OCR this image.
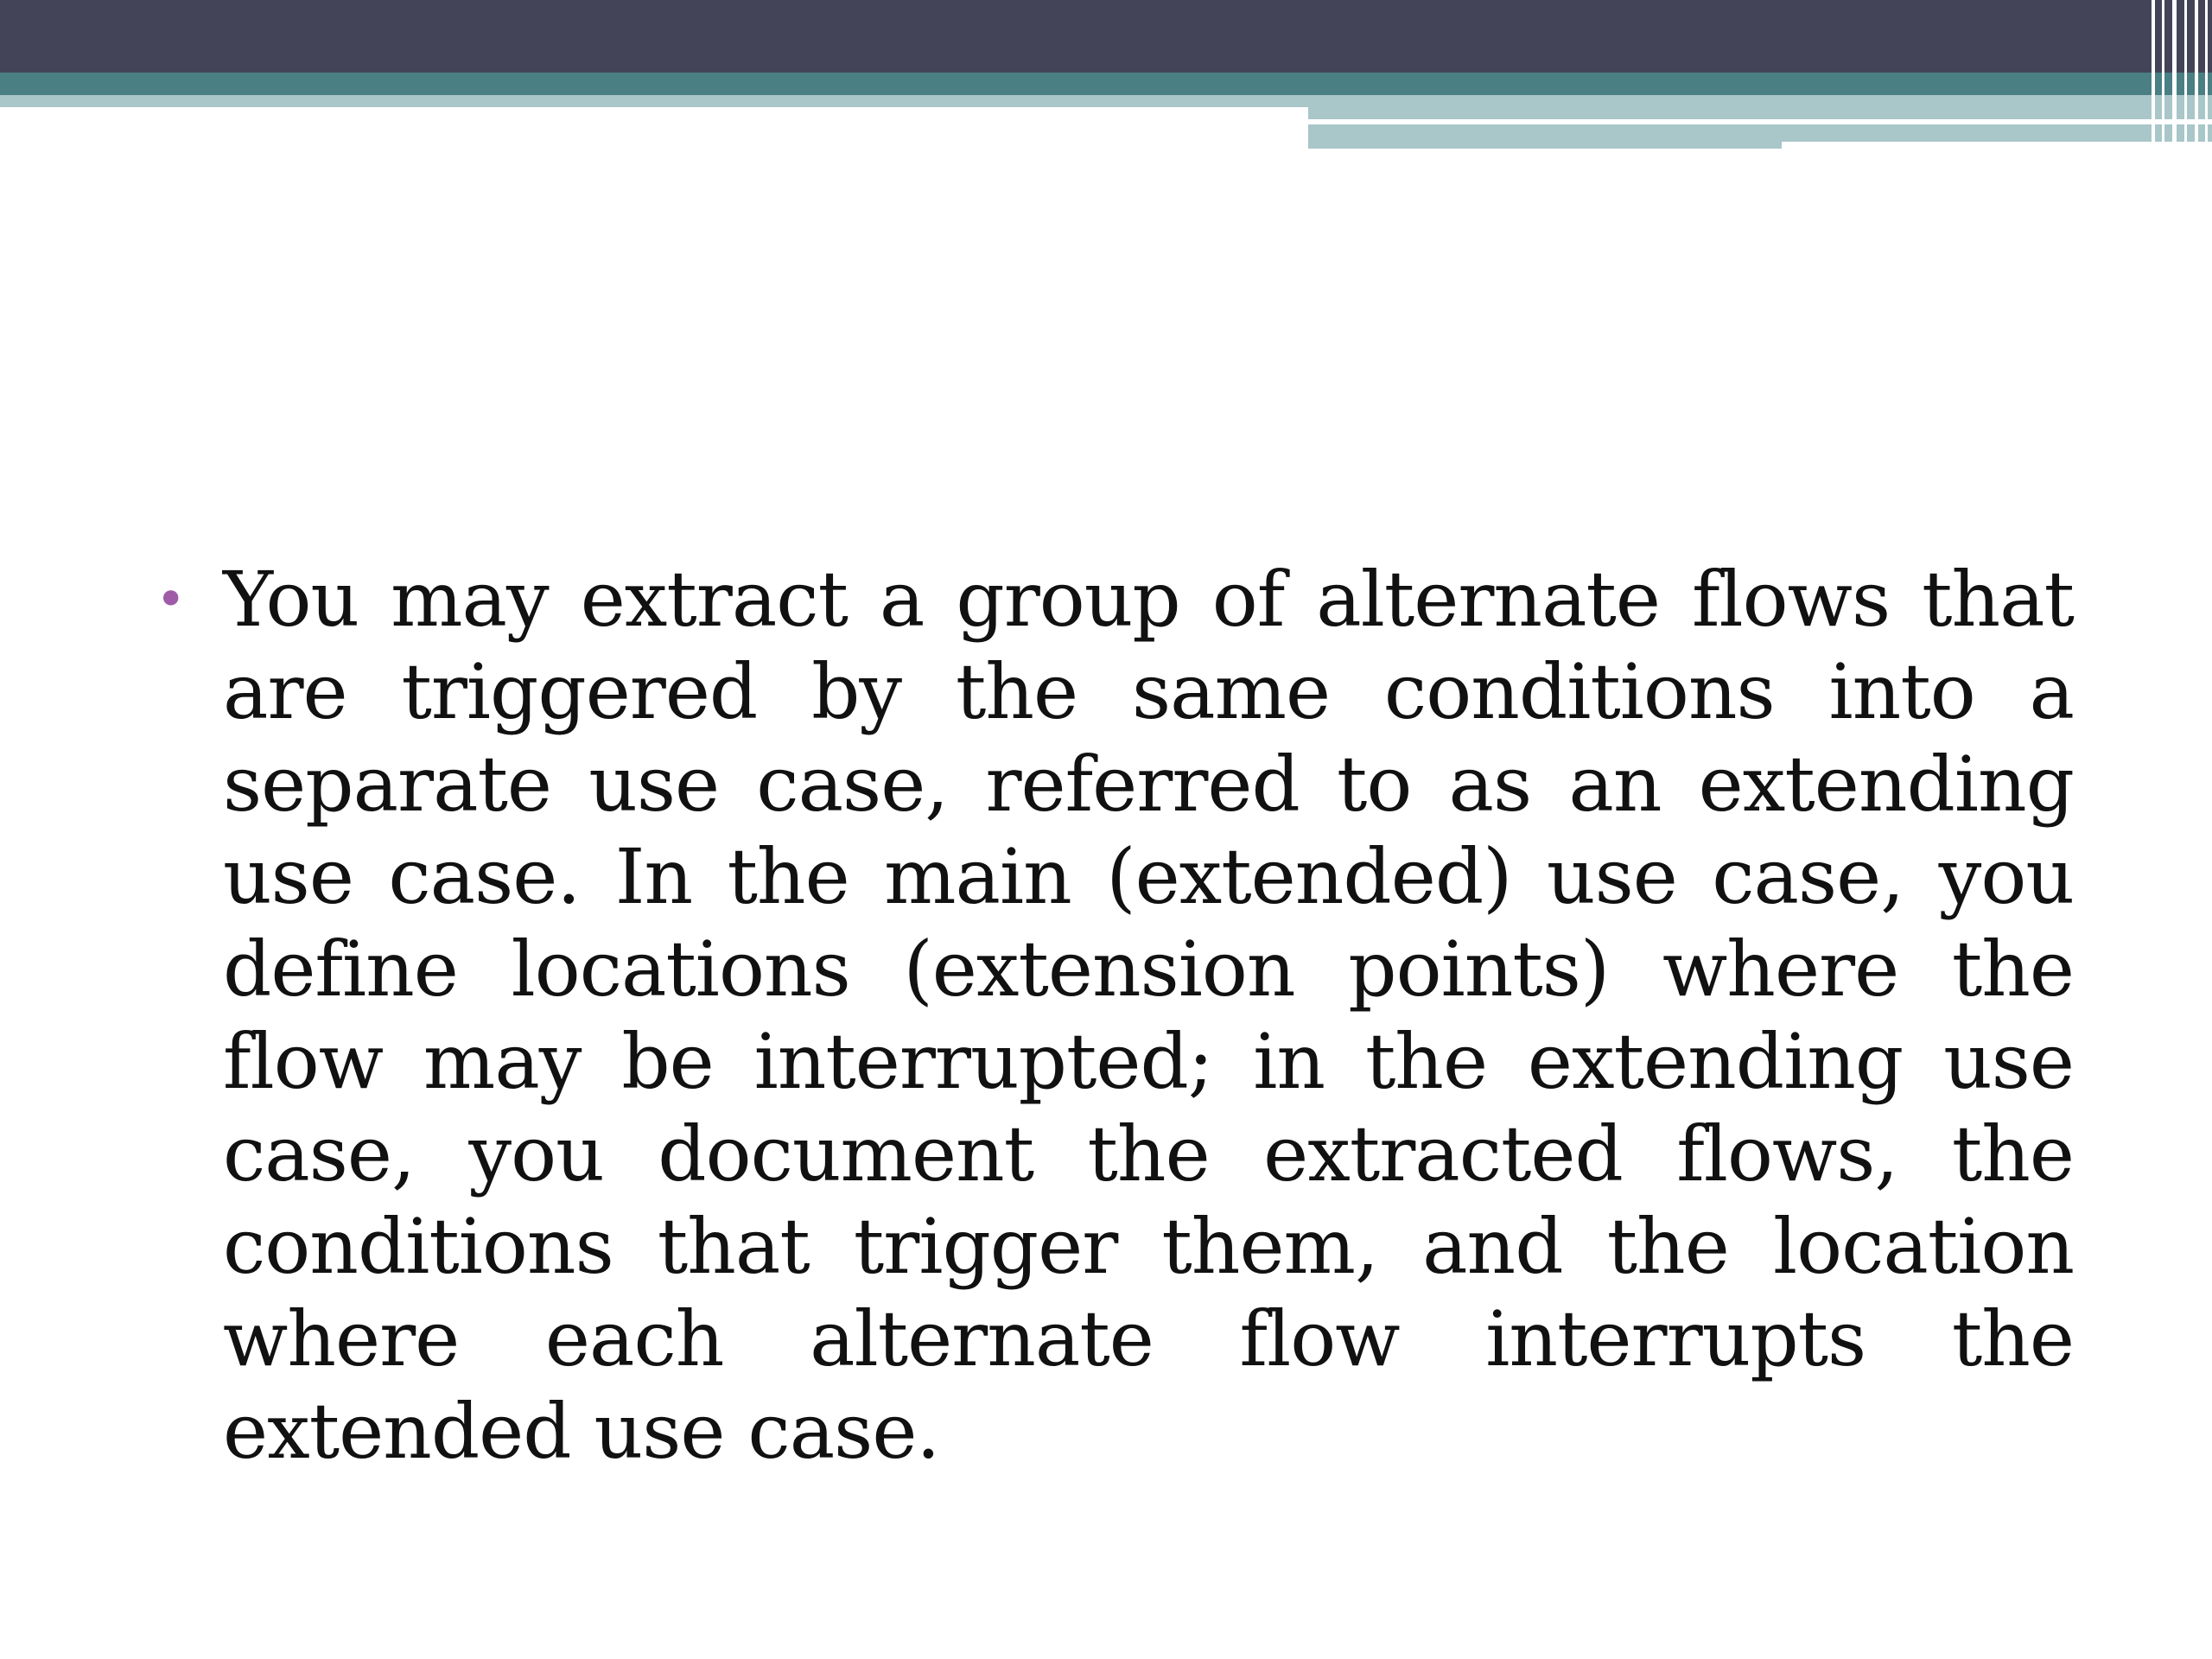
• You may extract a group of alternate flows that are triggered by the same conditions into a separate use case, referred to as an extending use case. In the main (extended) use case, you define locations (extension points) where the flow may be interrupted; in the extending use case, you document the extracted flows, the conditions that trigger them, and the location where each alternate flow interrupts the extended use case.
